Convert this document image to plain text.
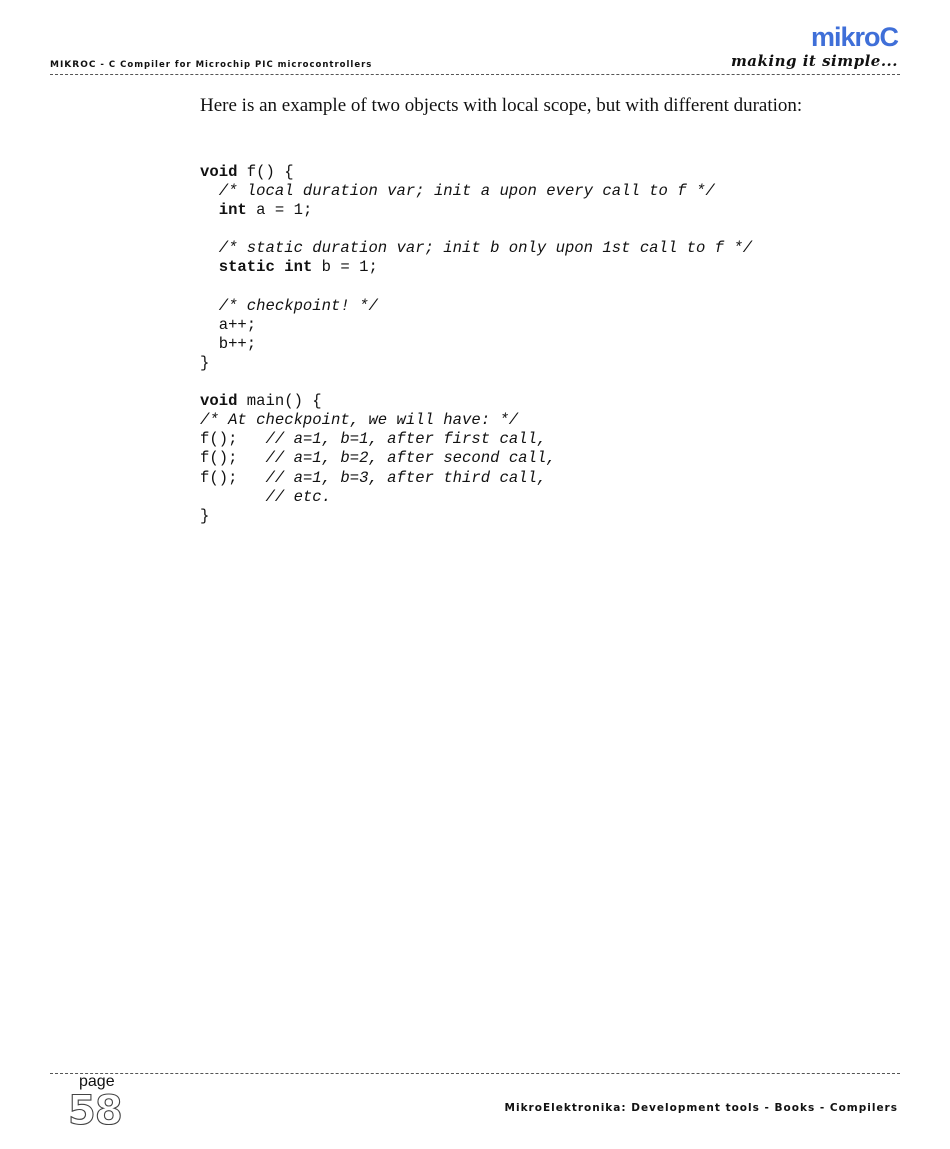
mikroC
MIKROC - C Compiler for Microchip PIC microcontrollers	making it simple...
Here is an example of two objects with local scope, but with different duration:
void f() {
/* local duration var; init a upon every call to f */
int a = 1;
/* static duration var; init b only upon 1st call to f */
static int b = 1;
/* checkpoint! */
a++;
b++;
}
void main() {
/* At checkpoint, we will have: */
f();   // a=1, b=1, after first call,
f();   // a=1, b=2, after second call,
f();   // a=1, b=3, after third call,
// etc.
}
page
58	MikroElektronika: Development tools - Books - Compilers
